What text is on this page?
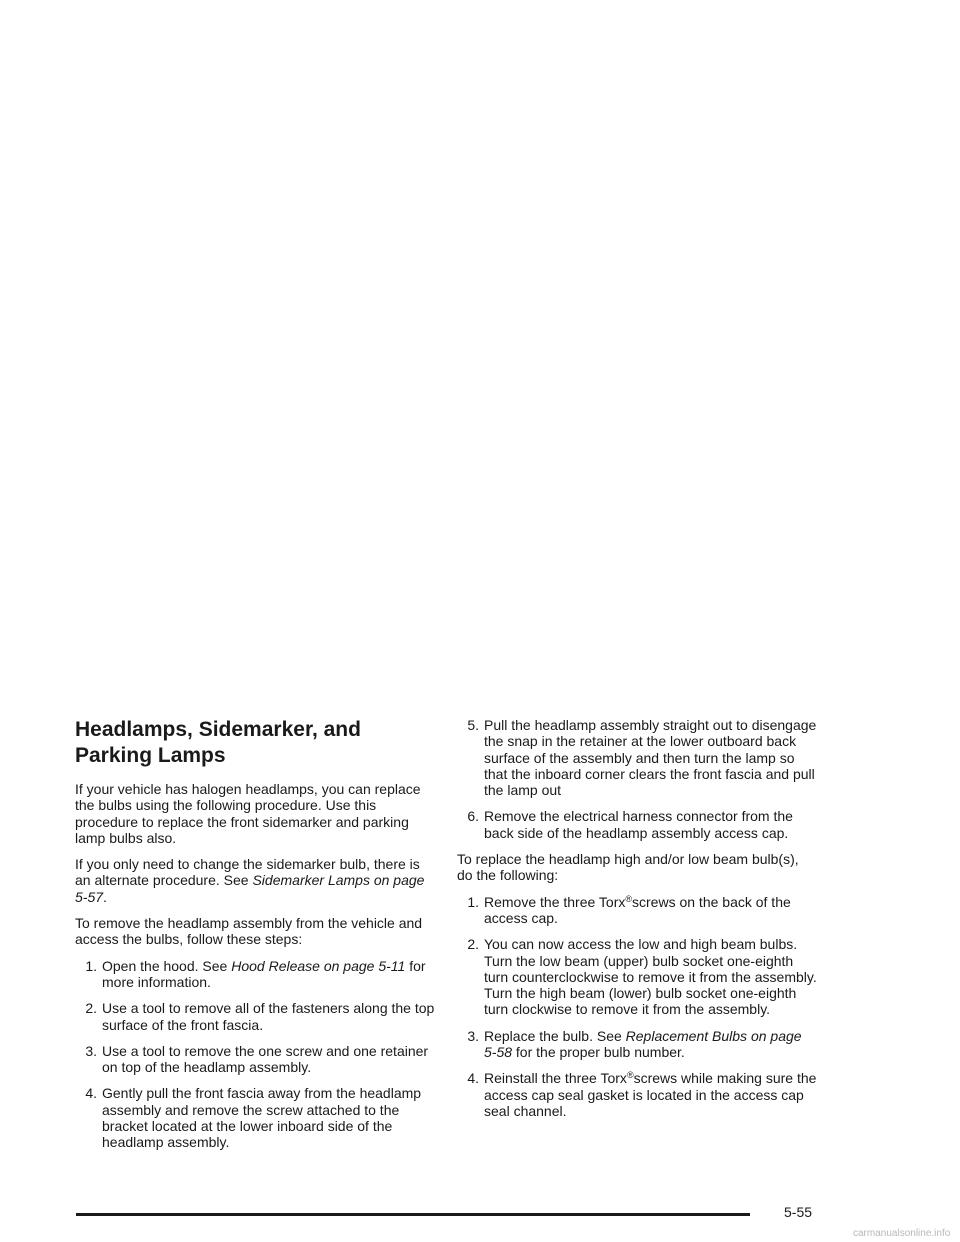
Headlamps, Sidemarker, and
Parking Lamps

If your vehicle has halogen headlamps, you can replace the bulbs using the following procedure. Use this procedure to replace the front sidemarker and parking lamp bulbs also.

If you only need to change the sidemarker bulb, there is an alternate procedure. See Sidemarker Lamps on page 5-57.

To remove the headlamp assembly from the vehicle and access the bulbs, follow these steps:

1. Open the hood. See Hood Release on page 5-11 for more information.
2. Use a tool to remove all of the fasteners along the top surface of the front fascia.
3. Use a tool to remove the one screw and one retainer on top of the headlamp assembly.
4. Gently pull the front fascia away from the headlamp assembly and remove the screw attached to the bracket located at the lower inboard side of the headlamp assembly.
5. Pull the headlamp assembly straight out to disengage the snap in the retainer at the lower outboard back surface of the assembly and then turn the lamp so that the inboard corner clears the front fascia and pull the lamp out
6. Remove the electrical harness connector from the back side of the headlamp assembly access cap.

To replace the headlamp high and/or low beam bulb(s), do the following:

1. Remove the three Torx®screws on the back of the access cap.
2. You can now access the low and high beam bulbs. Turn the low beam (upper) bulb socket one-eighth turn counterclockwise to remove it from the assembly. Turn the high beam (lower) bulb socket one-eighth turn clockwise to remove it from the assembly.
3. Replace the bulb. See Replacement Bulbs on page 5-58 for the proper bulb number.
4. Reinstall the three Torx®screws while making sure the access cap seal gasket is located in the access cap seal channel.
5-55
carmanualsonline.info
